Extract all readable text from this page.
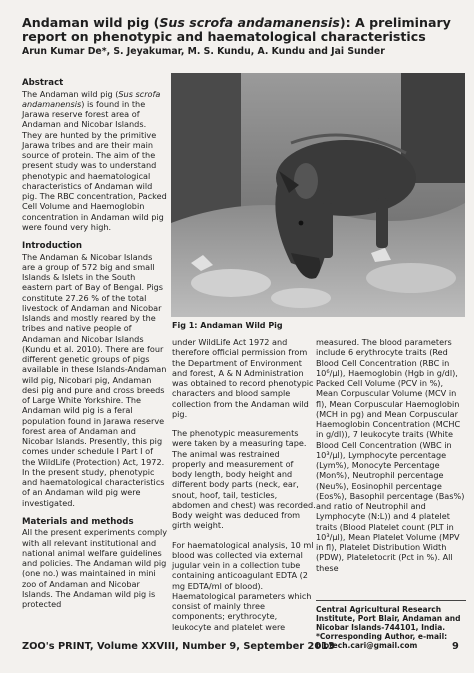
Andaman wild pig (Sus scrofa andamanensis): A preliminary report on phenotypic and haematological characteristics
Arun Kumar De*, S. Jeyakumar, M. S. Kundu, A. Kundu and Jai Sunder
Abstract

The Andaman wild pig (Sus scrofa andamanensis) is found in the Jarawa reserve forest area of Andaman and Nicobar Islands. They are hunted by the primitive Jarawa tribes and are their main source of protein. The aim of the present study was to understand phenotypic and haematological characteristics of Andaman wild pig. The RBC concentration, Packed Cell Volume and Haemoglobin concentration in Andaman wild pig were found very high.

Introduction

The Andaman & Nicobar Islands are a group of 572 big and small Islands & Islets in the South eastern part of Bay of Bengal. Pigs constitute 27.26 % of the total livestock of Andaman and Nicobar Islands and mostly reared by the tribes and native people of Andaman and Nicobar Islands (Kundu et al. 2010). There are four different genetic groups of pigs available in these Islands-Andaman wild pig, Nicobari pig, Andaman desi pig and pure and cross breeds of Large White Yorkshire. The Andaman wild pig is a feral population found in Jarawa reserve forest area of Andaman and Nicobar Islands. Presently, this pig comes under schedule I Part I of the WildLife (Protection) Act, 1972. In the present study, phenotypic and haematological characteristics of an Andaman wild pig were investigated.

Materials and methods

All the present experiments comply with all relevant institutional and national animal welfare guidelines and policies. The Andaman wild pig (one no.) was maintained in mini zoo of Andaman and Nicobar Islands. The Andaman wild pig is protected

Fig 1: Andaman Wild Pig

under WildLife Act 1972 and therefore official permission from the Department of Environment and forest, A & N Administration was obtained to record phenotypic characters and blood sample collection from the Andaman wild pig.

The phenotypic measurements were taken by a measuring tape. The animal was restrained properly and measurement of body length, body height and different body parts (neck, ear, snout, hoof, tail, testicles, abdomen and chest) was recorded. Body weight was deduced from girth weight.

For haematological analysis, 10 ml blood was collected via external jugular vein in a collection tube containing anticoagulant EDTA (2 mg EDTA/ml of blood). Haematological parameters which consist of mainly three components; erythrocyte, leukocyte and platelet were

measured. The blood parameters include 6 erythrocyte traits (Red Blood Cell Concentration (RBC in 10⁶/µl), Haemoglobin (Hgb in g/dl), Packed Cell Volume (PCV in %), Mean Corpuscular Volume (MCV in fl), Mean Corpuscular Haemoglobin (MCH in pg) and Mean Corpuscular Haemoglobin Concentration (MCHC in g/dl)), 7 leukocyte traits (White Blood Cell Concentration (WBC in 10³/µl), Lymphocyte percentage (Lym%), Monocyte Percentage (Mon%), Neutrophil percentage (Neu%), Eosinophil percentage (Eos%), Basophil percentage (Bas%) and ratio of Neutrophil and Lymphocyte (N:L)) and 4 platelet traits (Blood Platelet count (PLT in 10³/µl), Mean Platelet Volume (MPV in fl), Platelet Distribution Width (PDW), Plateletocrit (Pct in %). All these

Central Agricultural Research Institute, Port Blair, Andaman and Nicobar Islands-744101, India. *Corresponding Author, e-mail: biotech.cari@gmail.com
ZOO's PRINT, Volume XXVIII, Number 9, September 2013	9
